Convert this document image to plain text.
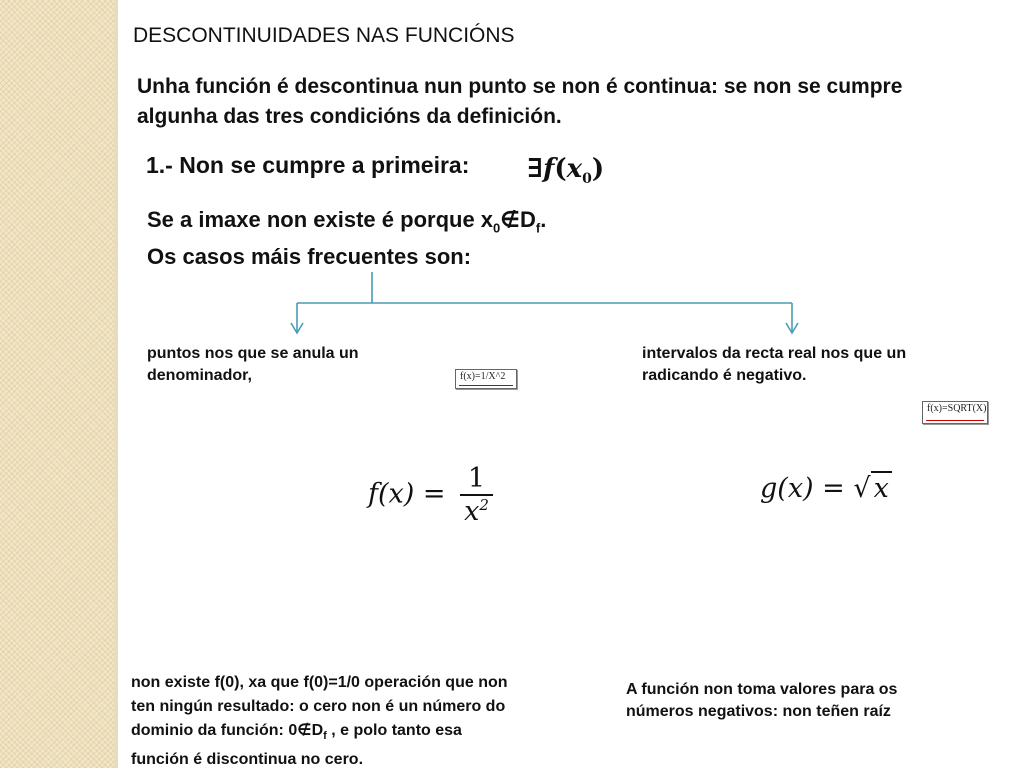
DESCONTINUIDADES NAS FUNCIÓNS
Unha función é descontinua nun punto se non é continua: se non se cumpre algunha das tres condicións da definición.
1.- Non se cumpre a primeira: $\exists f(x_0)$
Se a imaxe non existe é porque $x_0\notin D_f$.
Os casos máis frecuentes son:
puntos nos que se anula un denominador,
intervalos da recta real nos que un radicando é negativo.
f(x)=1/X^2
f(x)=SQRT(X)
$f(x) = \frac{1}{x^2}$	g(x) = √ x
non existe f(0), xa que f(0)=1/0 operación que non ten ningún resultado: o cero non é un número do dominio da función: $0\notin D_f$ , e polo tanto esa función é discontinua no cero.
A función non toma valores para os números negativos: non teñen raíz
